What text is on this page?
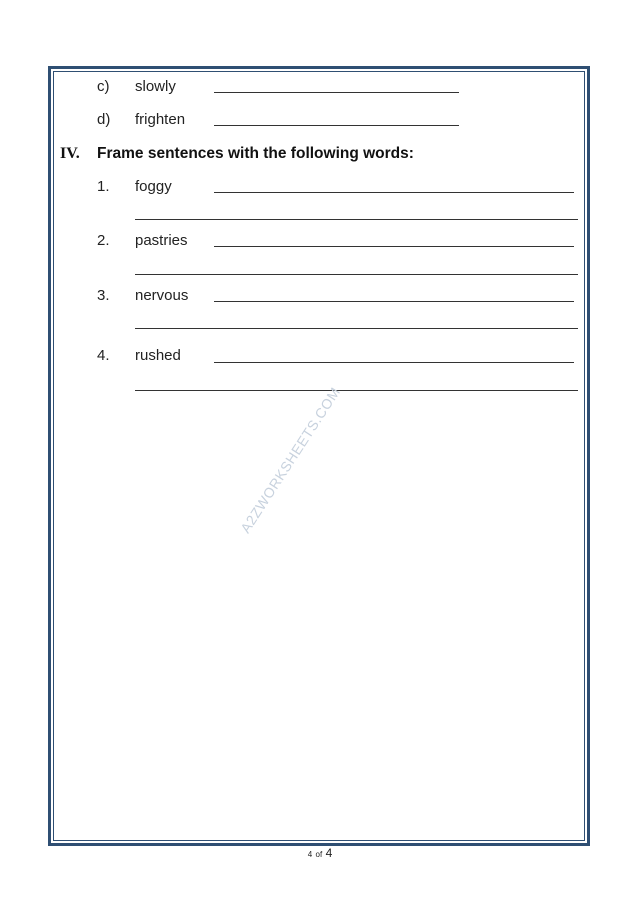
c) slowly
d) frighten
IV. Frame sentences with the following words:
1. foggy
2. pastries
3. nervous
4. rushed
A2ZWORKSHEETS.COM
4 of 4
